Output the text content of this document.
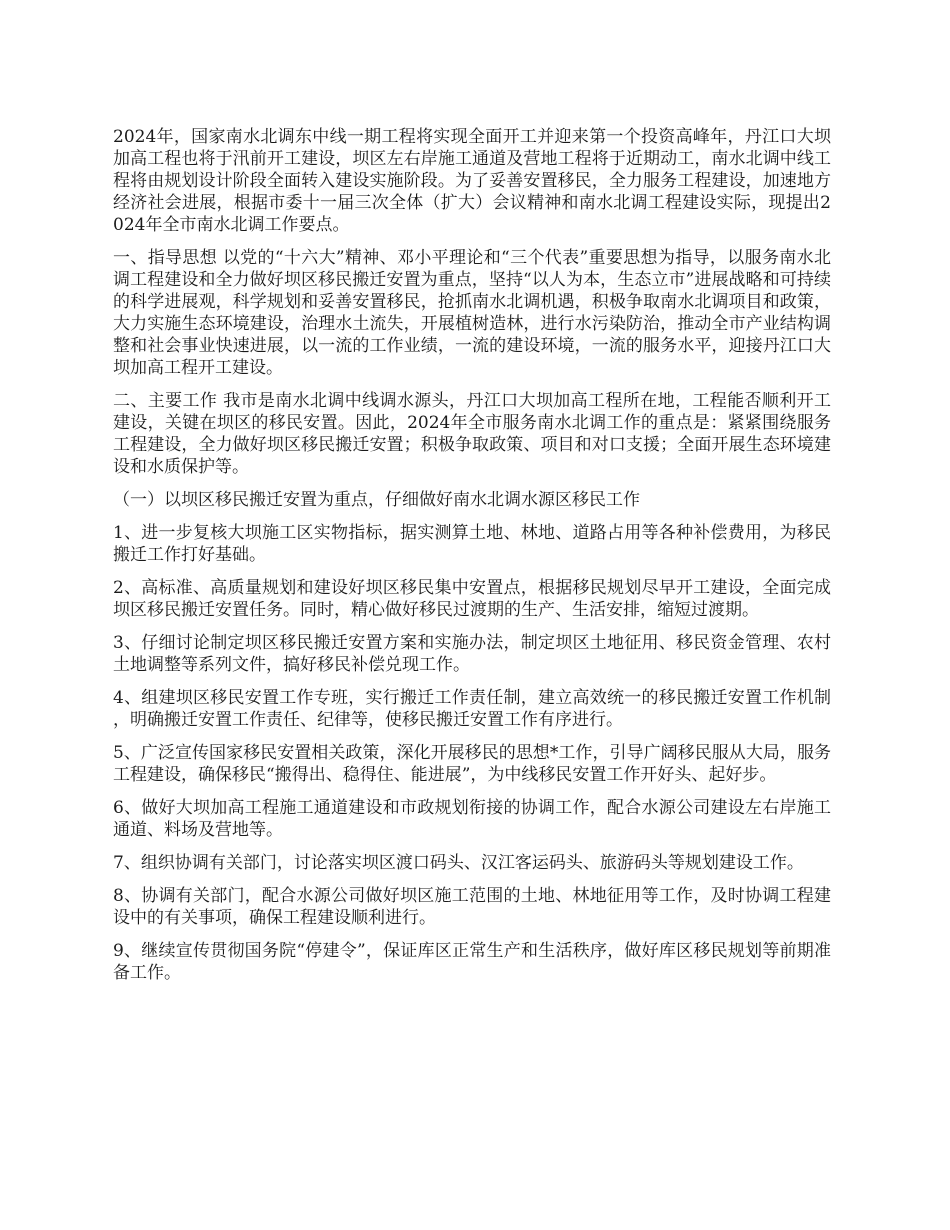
2024年，国家南水北调东中线一期工程将实现全面开工并迎来第一个投资高峰年，丹江口大坝加高工程也将于汛前开工建设，坝区左右岸施工通道及营地工程将于近期动工，南水北调中线工程将由规划设计阶段全面转入建设实施阶段。为了妥善安置移民，全力服务工程建设，加速地方经济社会进展，根据市委十一届三次全体（扩大）会议精神和南水北调工程建设实际，现提出2024年全市南水北调工作要点。

一、指导思想 以党的“十六大”精神、邓小平理论和“三个代表”重要思想为指导，以服务南水北调工程建设和全力做好坝区移民搬迁安置为重点，坚持“以人为本，生态立市”进展战略和可持续的科学进展观，科学规划和妥善安置移民，抢抓南水北调机遇，积极争取南水北调项目和政策，大力实施生态环境建设，治理水土流失，开展植树造林，进行水污染防治，推动全市产业结构调整和社会事业快速进展，以一流的工作业绩，一流的建设环境，一流的服务水平，迎接丹江口大坝加高工程开工建设。

二、主要工作 我市是南水北调中线调水源头，丹江口大坝加高工程所在地，工程能否顺利开工建设，关键在坝区的移民安置。因此，2024年全市服务南水北调工作的重点是：紧紧围绕服务工程建设，全力做好坝区移民搬迁安置；积极争取政策、项目和对口支援；全面开展生态环境建设和水质保护等。

（一）以坝区移民搬迁安置为重点，仔细做好南水北调水源区移民工作

1、进一步复核大坝施工区实物指标，据实测算土地、林地、道路占用等各种补偿费用，为移民搬迁工作打好基础。

2、高标准、高质量规划和建设好坝区移民集中安置点，根据移民规划尽早开工建设，全面完成坝区移民搬迁安置任务。同时，精心做好移民过渡期的生产、生活安排，缩短过渡期。

3、仔细讨论制定坝区移民搬迁安置方案和实施办法，制定坝区土地征用、移民资金管理、农村土地调整等系列文件，搞好移民补偿兑现工作。

4、组建坝区移民安置工作专班，实行搬迁工作责任制，建立高效统一的移民搬迁安置工作机制，明确搬迁安置工作责任、纪律等，使移民搬迁安置工作有序进行。

5、广泛宣传国家移民安置相关政策，深化开展移民的思想*工作，引导广阔移民服从大局，服务工程建设，确保移民“搬得出、稳得住、能进展”，为中线移民安置工作开好头、起好步。

6、做好大坝加高工程施工通道建设和市政规划衔接的协调工作，配合水源公司建设左右岸施工通道、料场及营地等。

7、组织协调有关部门，讨论落实坝区渡口码头、汉江客运码头、旅游码头等规划建设工作。

8、协调有关部门，配合水源公司做好坝区施工范围的土地、林地征用等工作，及时协调工程建设中的有关事项，确保工程建设顺利进行。

9、继续宣传贯彻国务院“停建令”，保证库区正常生产和生活秩序，做好库区移民规划等前期准备工作。
